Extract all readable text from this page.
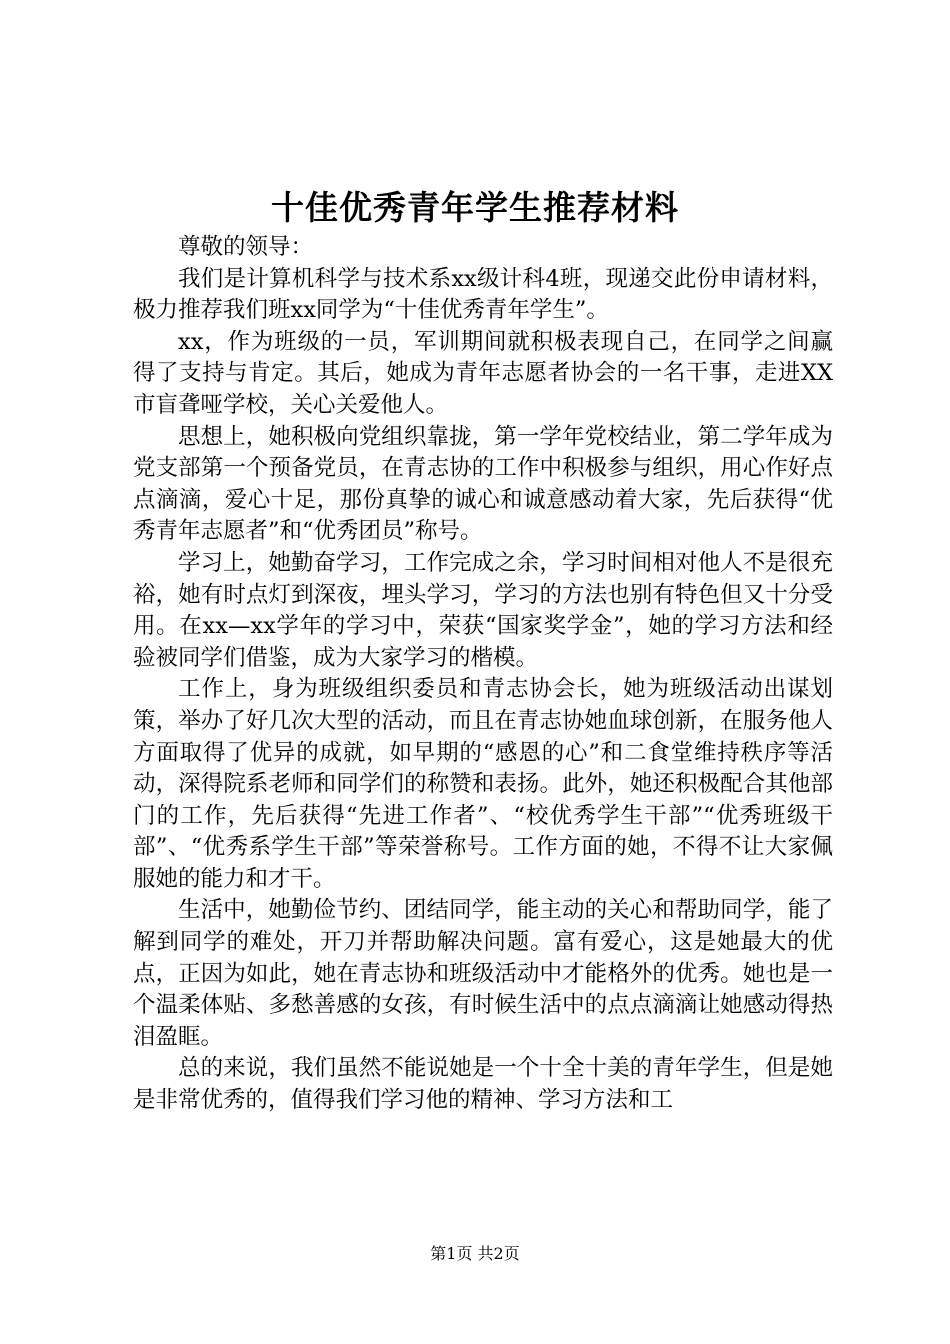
十佳优秀青年学生推荐材料

尊敬的领导：

我们是计算机科学与技术系xx级计科4班，现递交此份申请材料，极力推荐我们班xx同学为“十佳优秀青年学生”。

xx，作为班级的一员，军训期间就积极表现自己，在同学之间赢得了支持与肯定。其后，她成为青年志愿者协会的一名干事，走进XX市盲聋哑学校，关心关爱他人。

思想上，她积极向党组织靠拢，第一学年党校结业，第二学年成为党支部第一个预备党员，在青志协的工作中积极参与组织，用心作好点点滴滴，爱心十足，那份真挚的诚心和诚意感动着大家，先后获得“优秀青年志愿者”和“优秀团员”称号。

学习上，她勤奋学习，工作完成之余，学习时间相对他人不是很充裕，她有时点灯到深夜，埋头学习，学习的方法也别有特色但又十分受用。在xx—xx学年的学习中，荣获“国家奖学金”，她的学习方法和经验被同学们借鉴，成为大家学习的楷模。

工作上，身为班级组织委员和青志协会长，她为班级活动出谋划策，举办了好几次大型的活动，而且在青志协她血球创新，在服务他人方面取得了优异的成就，如早期的“感恩的心”和二食堂维持秩序等活动，深得院系老师和同学们的称赞和表扬。此外，她还积极配合其他部门的工作，先后获得“先进工作者”、“校优秀学生干部”“优秀班级干部”、“优秀系学生干部”等荣誉称号。工作方面的她，不得不让大家佩服她的能力和才干。

生活中，她勤俭节约、团结同学，能主动的关心和帮助同学，能了解到同学的难处，开刀并帮助解决问题。富有爱心，这是她最大的优点，正因为如此，她在青志协和班级活动中才能格外的优秀。她也是一个温柔体贴、多愁善感的女孩，有时候生活中的点点滴滴让她感动得热泪盈眶。

总的来说，我们虽然不能说她是一个十全十美的青年学生，但是她是非常优秀的，值得我们学习他的精神、学习方法和工

第1页 共2页
